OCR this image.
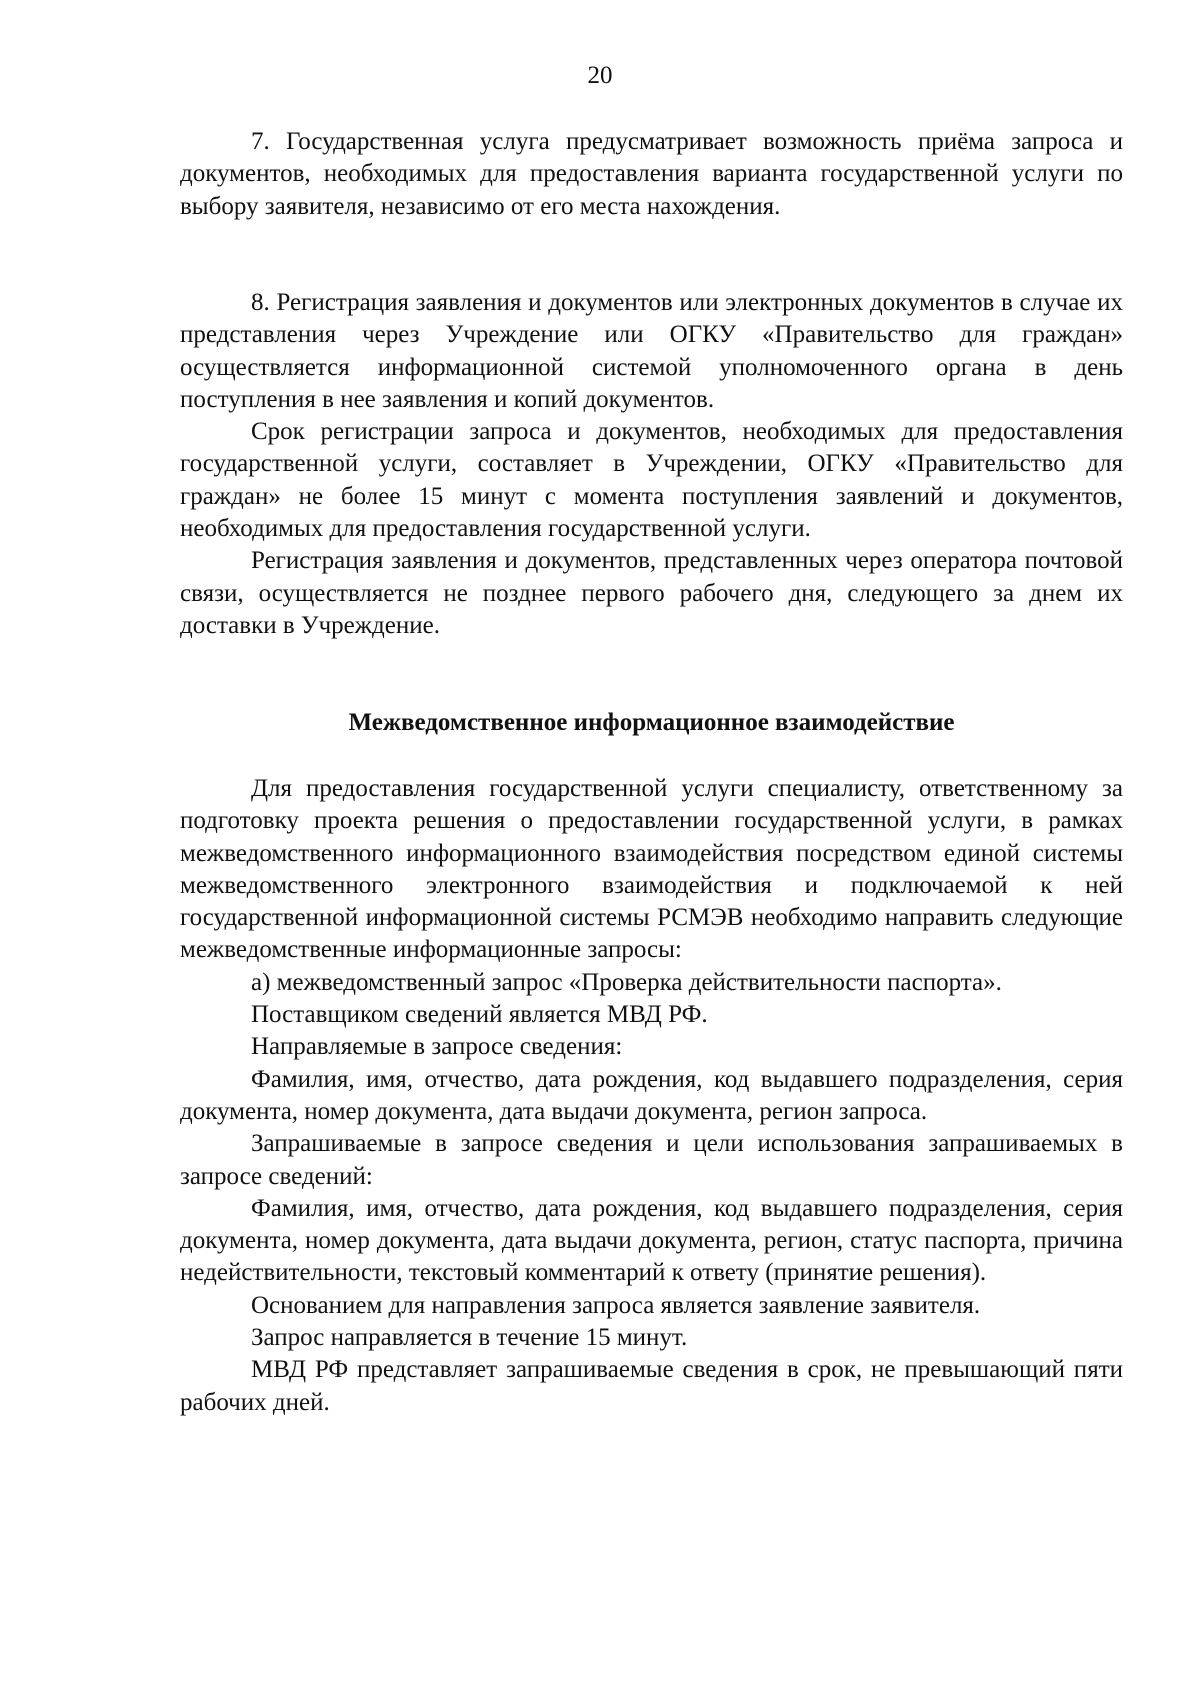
20

7. Государственная услуга предусматривает возможность приёма запроса и документов, необходимых для предоставления варианта государственной услуги по выбору заявителя, независимо от его места нахождения.

8. Регистрация заявления и документов или электронных документов в случае их представления через Учреждение или ОГКУ «Правительство для граждан» осуществляется информационной системой уполномоченного органа в день поступления в нее заявления и копий документов.

Срок регистрации запроса и документов, необходимых для предоставления государственной услуги, составляет в Учреждении, ОГКУ «Правительство для граждан» не более 15 минут с момента поступления заявлений и документов, необходимых для предоставления государственной услуги.

Регистрация заявления и документов, представленных через оператора почтовой связи, осуществляется не позднее первого рабочего дня, следующего за днем их доставки в Учреждение.

Межведомственное информационное взаимодействие

Для предоставления государственной услуги специалисту, ответственному за подготовку проекта решения о предоставлении государственной услуги, в рамках межведомственного информационного взаимодействия посредством единой системы межведомственного электронного взаимодействия и подключаемой к ней государственной информационной системы РСМЭВ необходимо направить следующие межведомственные информационные запросы:

а) межведомственный запрос «Проверка действительности паспорта».

Поставщиком сведений является МВД РФ.

Направляемые в запросе сведения:

Фамилия, имя, отчество, дата рождения, код выдавшего подразделения, серия документа, номер документа, дата выдачи документа, регион запроса.

Запрашиваемые в запросе сведения и цели использования запрашиваемых в запросе сведений:

Фамилия, имя, отчество, дата рождения, код выдавшего подразделения, серия документа, номер документа, дата выдачи документа, регион, статус паспорта, причина недействительности, текстовый комментарий к ответу (принятие решения).

Основанием для направления запроса является заявление заявителя.

Запрос направляется в течение 15 минут.

МВД РФ представляет запрашиваемые сведения в срок, не превышающий пяти рабочих дней.
